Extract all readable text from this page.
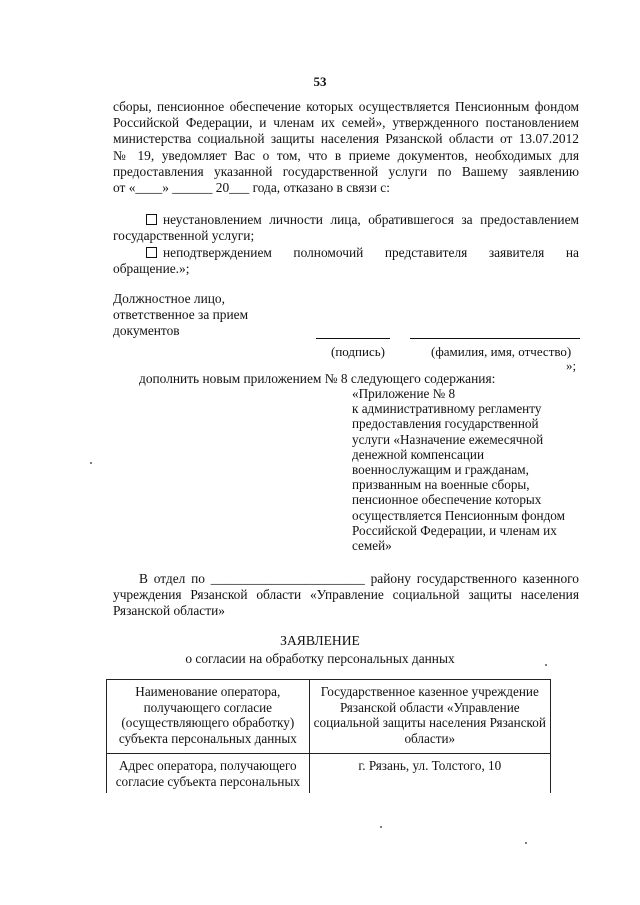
53
сборы, пенсионное обеспечение которых осуществляется Пенсионным фондом
Российской Федерации, и членам их семей», утвержденного постановлением
министерства социальной защиты населения Рязанской области от 13.07.2012
№ 19, уведомляет Вас о том, что в приеме документов, необходимых для
предоставления указанной государственной услуги по Вашему заявлению
от «____» ______ 20___ года, отказано в связи с:
неустановлением личности лица, обратившегося за предоставлением
государственной услуги;
неподтверждением полномочий представителя заявителя на
обращение.»;
Должностное лицо,
ответственное за прием
документов
(подпись)	(фамилия, имя, отчество)
»;
дополнить новым приложением № 8 следующего содержания:
«Приложение № 8
к административному регламенту
предоставления государственной
услуги «Назначение ежемесячной
денежной компенсации
военнослужащим и гражданам,
призванным на военные сборы,
пенсионное обеспечение которых
осуществляется Пенсионным фондом
Российской Федерации, и членам их
семей»
В отдел по _______________________ району государственного казенного
учреждения Рязанской области «Управление социальной защиты населения
Рязанской области»
ЗАЯВЛЕНИЕ
о согласии на обработку персональных данных
Наименование оператора, получающего согласие (осуществляющего обработку) субъекта персональных данных	Государственное казенное учреждение Рязанской области «Управление социальной защиты населения Рязанской области»
Адрес оператора, получающего согласие субъекта персональных	г. Рязань, ул. Толстого, 10
